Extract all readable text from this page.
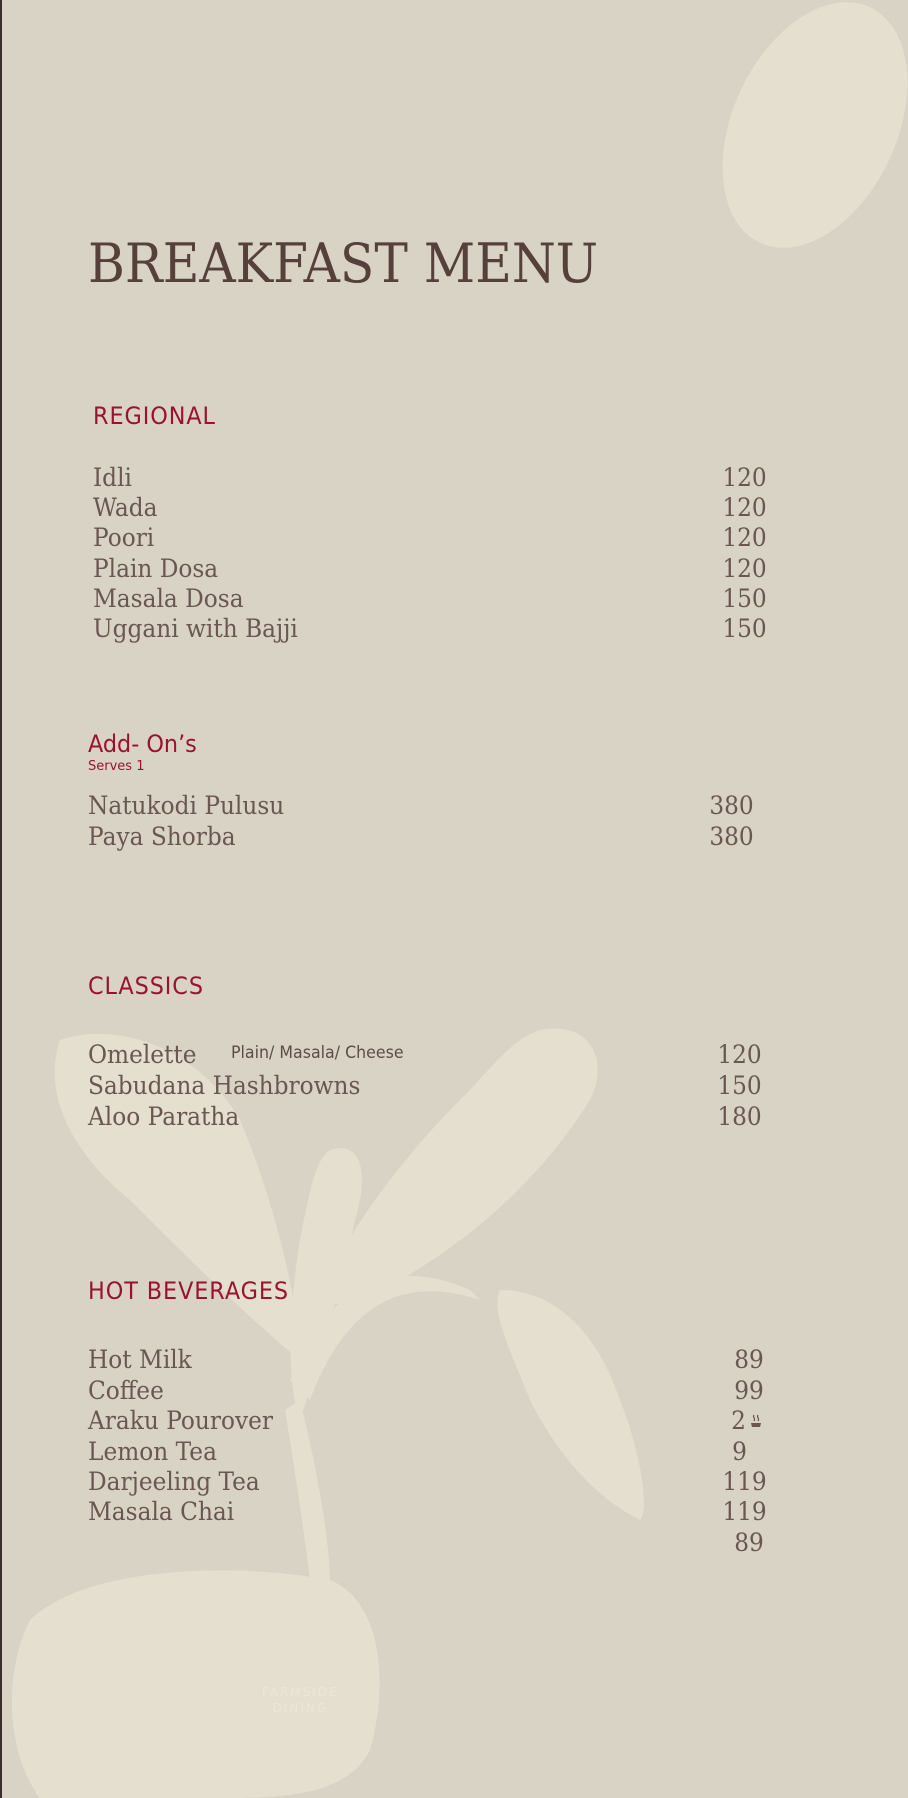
BREAKFAST MENU
REGIONAL
Idli	120
Wada	120
Poori	120
Plain Dosa	120
Masala Dosa	150
Uggani with Bajji	150
Add- On’s
Serves 1
Natukodi Pulusu	380
Paya Shorba	380
CLASSICS
Omelette Plain/ Masala/ Cheese	120
Sabudana Hashbrowns	150
Aloo Paratha	180
HOT BEVERAGES
Hot Milk	89
Coffee	99
Araku Pourover	2
Lemon Tea	9
Darjeeling Tea	119
Masala Chai	119
89
FARMSIDE
DINING
